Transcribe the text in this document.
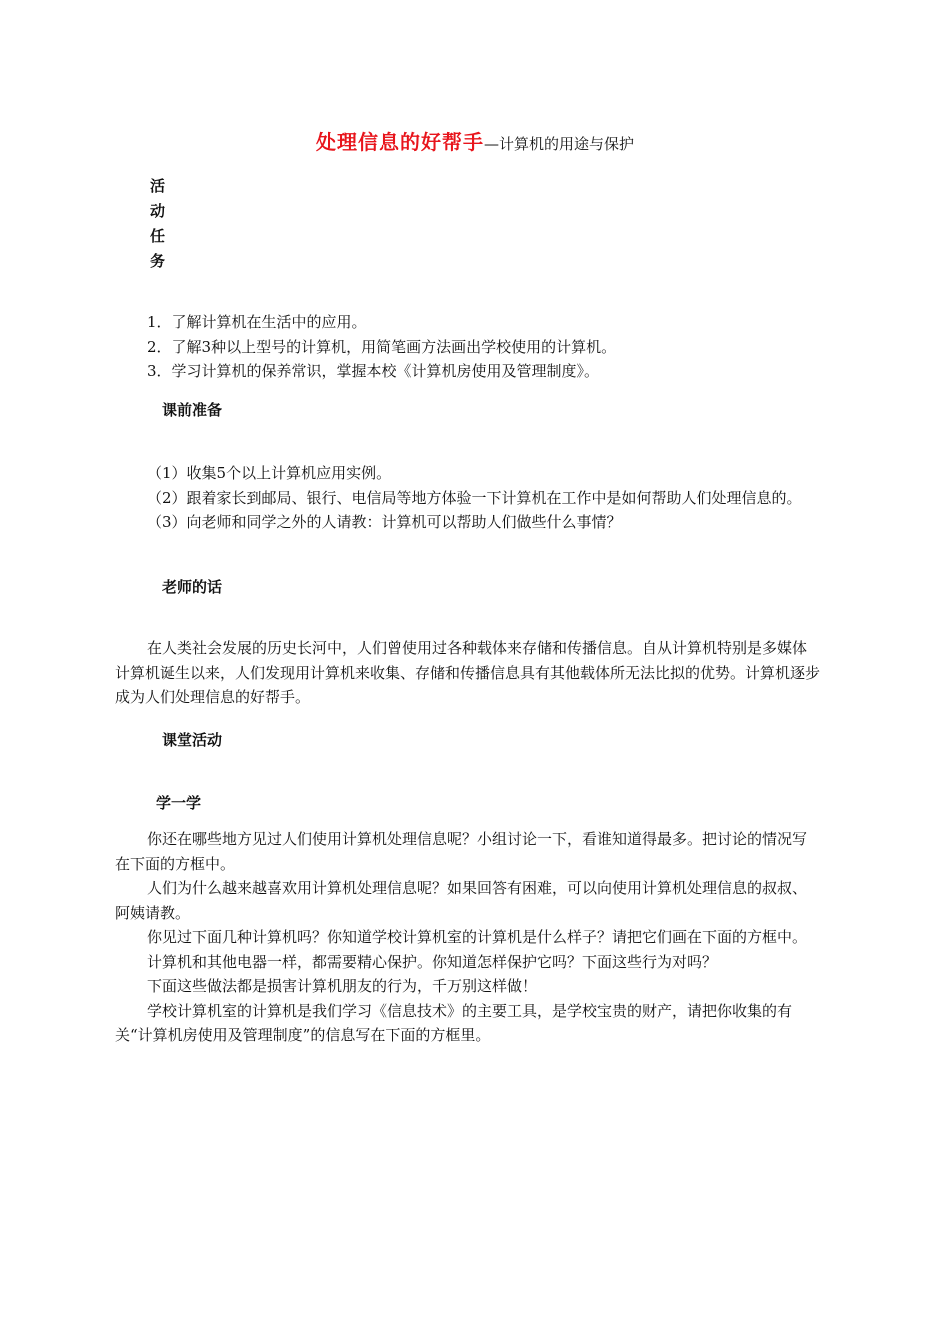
处理信息的好帮手—计算机的用途与保护
活
动
任
务

1．了解计算机在生活中的应用。

2．了解3种以上型号的计算机，用简笔画方法画出学校使用的计算机。

3．学习计算机的保养常识，掌握本校《计算机房使用及管理制度》。

课前准备

（1）收集5个以上计算机应用实例。

（2）跟着家长到邮局、银行、电信局等地方体验一下计算机在工作中是如何帮助人们处理信息的。

（3）向老师和同学之外的人请教：计算机可以帮助人们做些什么事情？

老师的话

在人类社会发展的历史长河中，人们曾使用过各种载体来存储和传播信息。自从计算机特别是多媒体计算机诞生以来，人们发现用计算机来收集、存储和传播信息具有其他载体所无法比拟的优势。计算机逐步成为人们处理信息的好帮手。

课堂活动
学一学

你还在哪些地方见过人们使用计算机处理信息呢？小组讨论一下，看谁知道得最多。把讨论的情况写在下面的方框中。

人们为什么越来越喜欢用计算机处理信息呢？如果回答有困难，可以向使用计算机处理信息的叔叔、阿姨请教。

你见过下面几种计算机吗？你知道学校计算机室的计算机是什么样子？请把它们画在下面的方框中。

计算机和其他电器一样，都需要精心保护。你知道怎样保护它吗？下面这些行为对吗？

下面这些做法都是损害计算机朋友的行为，千万别这样做！

学校计算机室的计算机是我们学习《信息技术》的主要工具，是学校宝贵的财产，请把你收集的有关“计算机房使用及管理制度”的信息写在下面的方框里。
